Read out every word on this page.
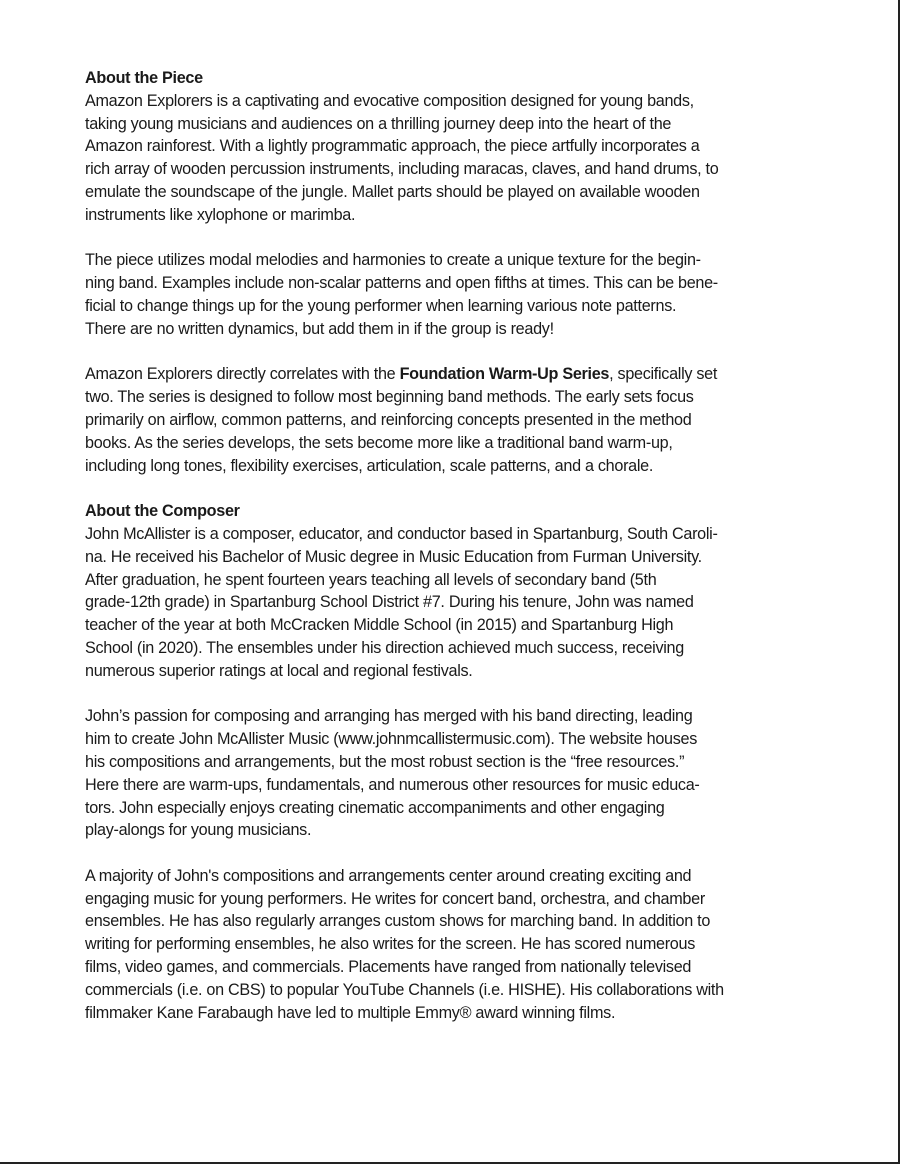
About the Piece

Amazon Explorers is a captivating and evocative composition designed for young bands,
taking young musicians and audiences on a thrilling journey deep into the heart of the
Amazon rainforest. With a lightly programmatic approach, the piece artfully incorporates a
rich array of wooden percussion instruments, including maracas, claves, and hand drums, to
emulate the soundscape of the jungle. Mallet parts should be played on available wooden
instruments like xylophone or marimba.

The piece utilizes modal melodies and harmonies to create a unique texture for the begin-
ning band. Examples include non-scalar patterns and open fifths at times. This can be bene-
ficial to change things up for the young performer when learning various note patterns.
There are no written dynamics, but add them in if the group is ready!

Amazon Explorers directly correlates with the Foundation Warm-Up Series, specifically set
two. The series is designed to follow most beginning band methods. The early sets focus
primarily on airflow, common patterns, and reinforcing concepts presented in the method
books. As the series develops, the sets become more like a traditional band warm-up,
including long tones, flexibility exercises, articulation, scale patterns, and a chorale.

About the Composer

John McAllister is a composer, educator, and conductor based in Spartanburg, South Caroli-
na. He received his Bachelor of Music degree in Music Education from Furman University.
After graduation, he spent fourteen years teaching all levels of secondary band (5th
grade-12th grade) in Spartanburg School District #7. During his tenure, John was named
teacher of the year at both McCracken Middle School (in 2015) and Spartanburg High
School (in 2020). The ensembles under his direction achieved much success, receiving
numerous superior ratings at local and regional festivals.

John’s passion for composing and arranging has merged with his band directing, leading
him to create John McAllister Music (www.johnmcallistermusic.com). The website houses
his compositions and arrangements, but the most robust section is the “free resources.”
Here there are warm-ups, fundamentals, and numerous other resources for music educa-
tors. John especially enjoys creating cinematic accompaniments and other engaging
play-alongs for young musicians.

A majority of John's compositions and arrangements center around creating exciting and
engaging music for young performers. He writes for concert band, orchestra, and chamber
ensembles. He has also regularly arranges custom shows for marching band. In addition to
writing for performing ensembles, he also writes for the screen. He has scored numerous
films, video games, and commercials. Placements have ranged from nationally televised
commercials (i.e. on CBS) to popular YouTube Channels (i.e. HISHE). His collaborations with
filmmaker Kane Farabaugh have led to multiple Emmy® award winning films.
